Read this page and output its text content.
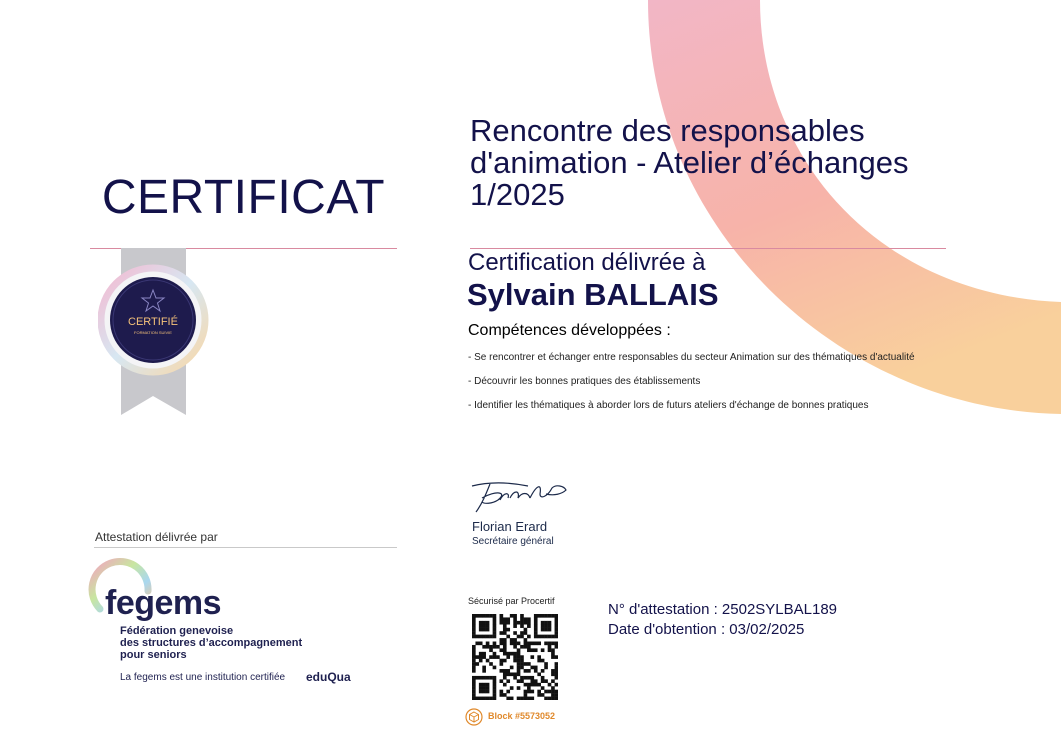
CERTIFICAT
CERTIFIÉ
FORMATION SUIVIE
Rencontre des responsables d'animation - Atelier d’échanges 1/2025
Certification délivrée à
Sylvain BALLAIS
Compétences développées :
- Se rencontrer et échanger entre responsables du secteur Animation sur des thématiques d'actualité
- Découvrir les bonnes pratiques des établissements
- Identifier les thématiques à aborder lors de futurs ateliers d'échange de bonnes pratiques
Attestation délivrée par
fegems
Fédération genevoise
des structures d’accompagnement
pour seniors
La fegems est une institution certifiée eduQua
Florian Erard
Secrétaire général
Sécurisé par Procertif
Block #5573052
N° d'attestation : 2502SYLBAL189
Date d'obtention : 03/02/2025
